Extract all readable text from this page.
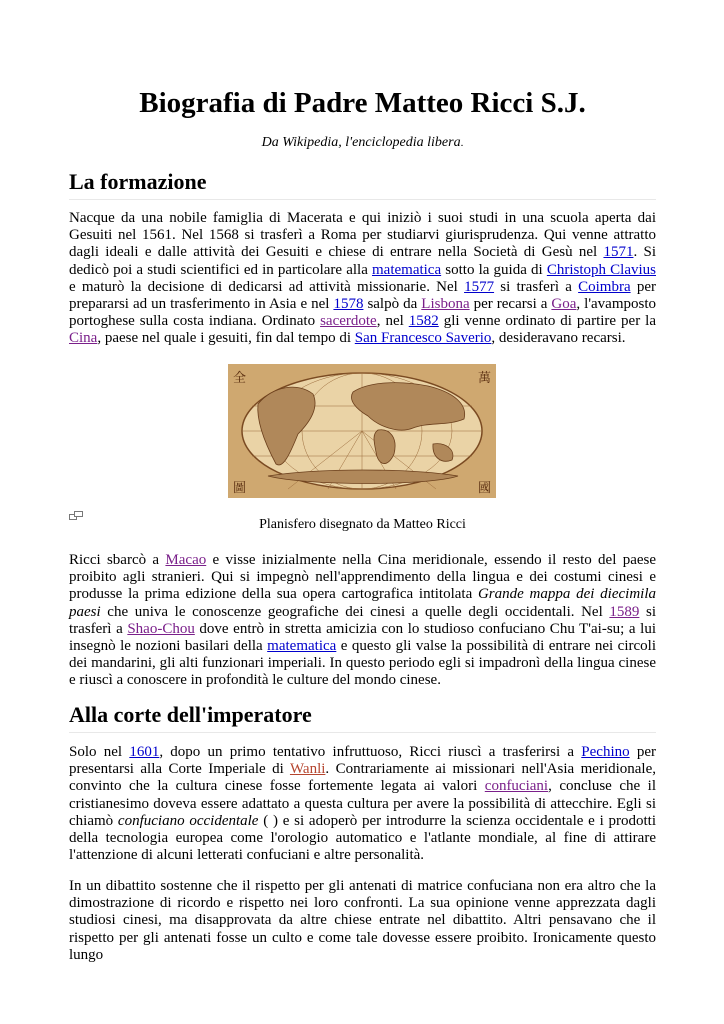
Biografia di Padre Matteo Ricci S.J.

Da Wikipedia, l'enciclopedia libera.

La formazione

Nacque da una nobile famiglia di Macerata e qui iniziò i suoi studi in una scuola aperta dai Gesuiti nel 1561. Nel 1568 si trasferì a Roma per studiarvi giurisprudenza. Qui venne attratto dagli ideali e dalle attività dei Gesuiti e chiese di entrare nella Società di Gesù nel 1571. Si dedicò poi a studi scientifici ed in particolare alla matematica sotto la guida di Christoph Clavius e maturò la decisione di dedicarsi ad attività missionarie. Nel 1577 si trasferì a Coimbra per prepararsi ad un trasferimento in Asia e nel 1578 salpò da Lisbona per recarsi a Goa, l'avamposto portoghese sulla costa indiana. Ordinato sacerdote, nel 1582 gli venne ordinato di partire per la Cina, paese nel quale i gesuiti, fin dal tempo di San Francesco Saverio, desideravano recarsi.

全	萬
圖	國

Planisfero disegnato da Matteo Ricci

Ricci sbarcò a Macao e visse inizialmente nella Cina meridionale, essendo il resto del paese proibito agli stranieri. Qui si impegnò nell'apprendimento della lingua e dei costumi cinesi e produsse la prima edizione della sua opera cartografica intitolata Grande mappa dei diecimila paesi che univa le conoscenze geografiche dei cinesi a quelle degli occidentali. Nel 1589 si trasferì a Shao-Chou dove entrò in stretta amicizia con lo studioso confuciano Chu T'ai-su; a lui insegnò le nozioni basilari della matematica e questo gli valse la possibilità di entrare nei circoli dei mandarini, gli alti funzionari imperiali. In questo periodo egli si impadronì della lingua cinese e riuscì a conoscere in profondità le culture del mondo cinese.

Alla corte dell'imperatore

Solo nel 1601, dopo un primo tentativo infruttuoso, Ricci riuscì a trasferirsi a Pechino per presentarsi alla Corte Imperiale di Wanli. Contrariamente ai missionari nell'Asia meridionale, convinto che la cultura cinese fosse fortemente legata ai valori confuciani, concluse che il cristianesimo doveva essere adattato a questa cultura per avere la possibilità di attecchire. Egli si chiamò confuciano occidentale ( ) e si adoperò per introdurre la scienza occidentale e i prodotti della tecnologia europea come l'orologio automatico e l'atlante mondiale, al fine di attirare l'attenzione di alcuni letterati confuciani e altre personalità.

In un dibattito sostenne che il rispetto per gli antenati di matrice confuciana non era altro che la dimostrazione di ricordo e rispetto nei loro confronti. La sua opinione venne apprezzata dagli studiosi cinesi, ma disapprovata da altre chiese entrate nel dibattito. Altri pensavano che il rispetto per gli antenati fosse un culto e come tale dovesse essere proibito. Ironicamente questo lungo
